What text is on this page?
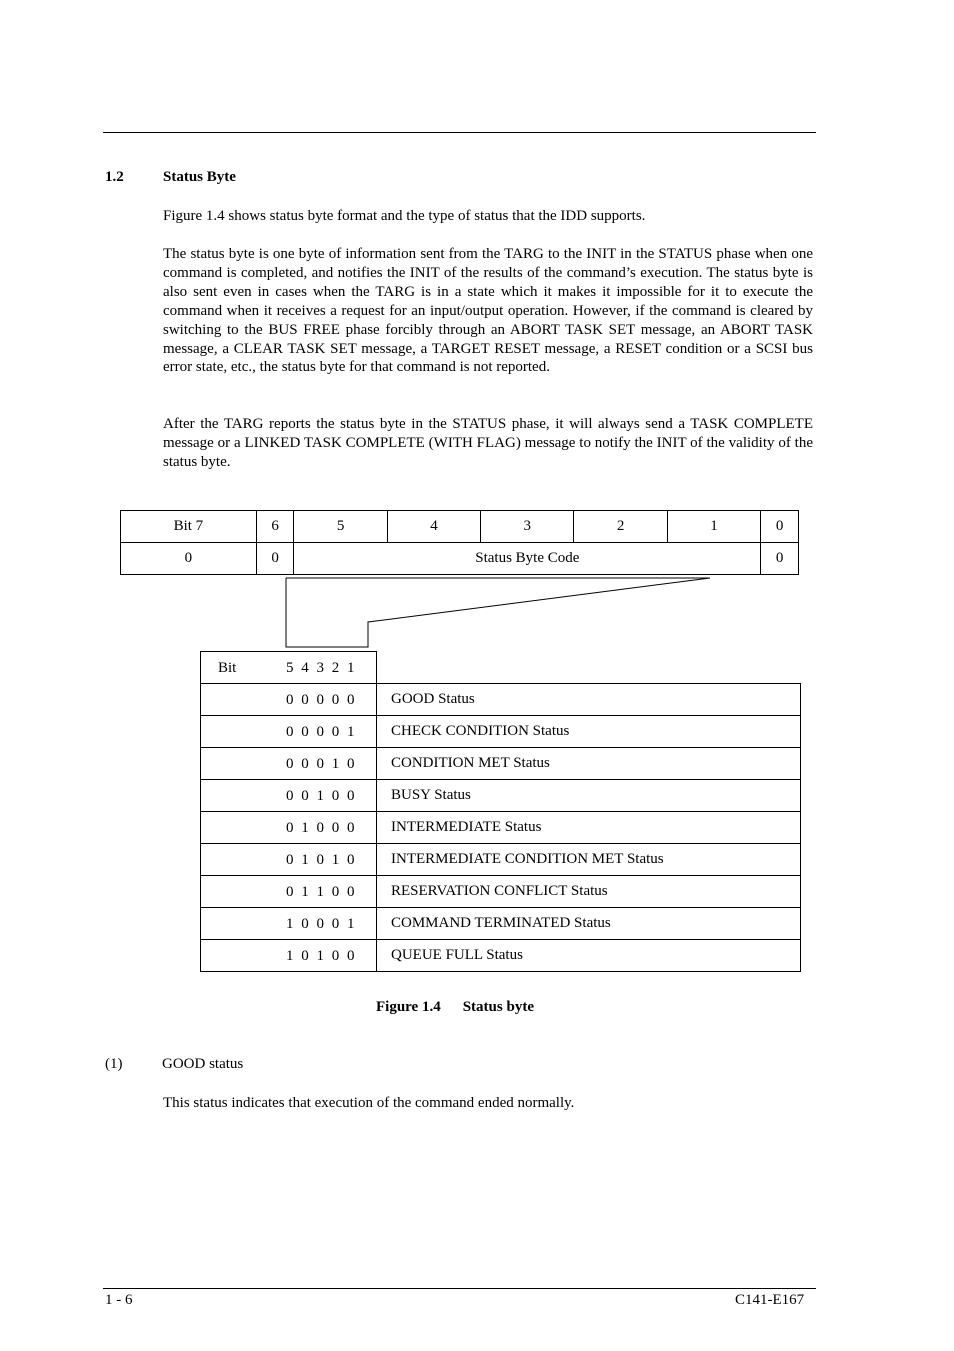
1.2	Status Byte

Figure 1.4 shows status byte format and the type of status that the IDD supports.

The status byte is one byte of information sent from the TARG to the INIT in the STATUS phase when one command is completed, and notifies the INIT of the results of the command’s execution. The status byte is also sent even in cases when the TARG is in a state which it makes it impossible for it to execute the command when it receives a request for an input/output operation. However, if the command is cleared by switching to the BUS FREE phase forcibly through an ABORT TASK SET message, an ABORT TASK message, a CLEAR TASK SET message, a TARGET RESET message, a RESET condition or a SCSI bus error state, etc., the status byte for that command is not reported.

After the TARG reports the status byte in the STATUS phase, it will always send a TASK COMPLETE message or a LINKED TASK COMPLETE (WITH FLAG) message to notify the INIT of the validity of the status byte.

Bit 7	6	5	4	3	2	1	0
0	0	Status Byte Code					0
Bit 5 4 3 2 1	

0 0 0 0 0	GOOD Status

0 0 0 0 1	CHECK CONDITION Status

0 0 0 1 0	CONDITION MET Status

0 0 1 0 0	BUSY Status

0 1 0 0 0	INTERMEDIATE Status

0 1 0 1 0	INTERMEDIATE CONDITION MET Status

0 1 1 0 0	RESERVATION CONFLICT Status

1 0 0 0 1	COMMAND TERMINATED Status

1 0 1 0 0	QUEUE FULL Status
Figure 1.4 Status byte
(1)	GOOD status

This status indicates that execution of the command ended normally.

1 - 6	C141-E167
